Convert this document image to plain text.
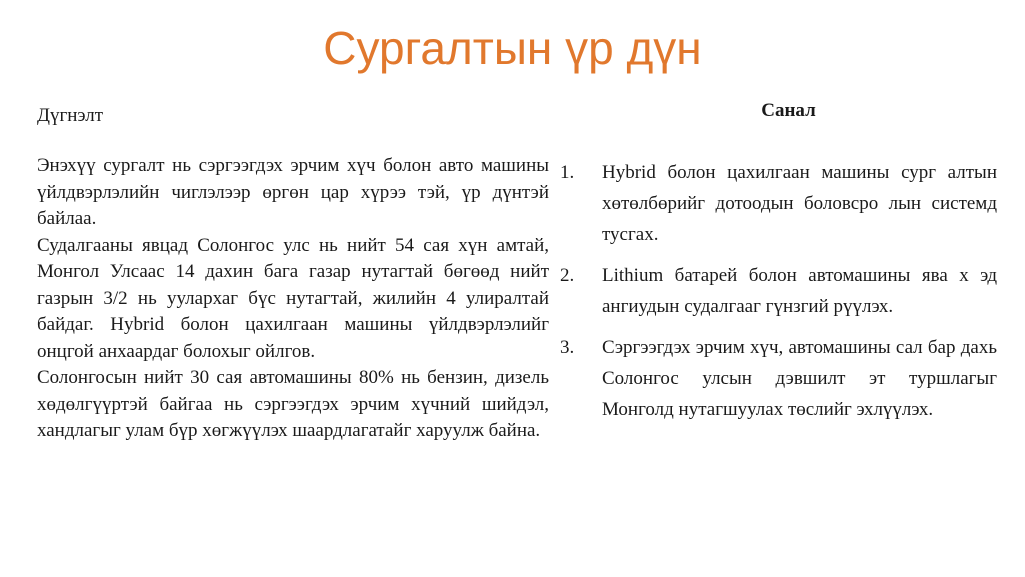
Сургалтын үр дүн
Дүгнэлт

Энэхүү сургалт нь сэргээгдэх эрчим хүч болон авто машины үйлдвэрлэлийн чиглэлээр өргөн цар хүрээ тэй, үр дүнтэй байлаа.

Судалгааны явцад Солонгос улс нь нийт 54 сая хүн амтай, Монгол Улсаас 14 дахин бага газар нутагтай бөгөөд нийт газрын 3/2 нь уулархаг бүс нутагтай, жилийн 4 улиралтай байдаг. Hybrid болон цахилгаан машины үйлдвэрлэлийг онцгой анхаардаг болохыг ойлгов.

Солонгосын нийт 30 сая автомашины 80% нь бензин, дизель хөдөлгүүртэй байгаа нь сэргээгдэх эрчим хүчний шийдэл, хандлагыг улам бүр хөгжүүлэх шаардлагатайг харуулж байна.

Санал
1.	Hybrid болон цахилгаан машины сург алтын хөтөлбөрийг дотоодын боловсро лын системд тусгах.
2.	Lithium батарей болон автомашины ява х эд ангиудын судалгааг гүнзгий рүүлэх.
3.	Сэргээгдэх эрчим хүч, автомашины сал бар дахь Солонгос улсын дэвшилт эт туршлагыг Монголд нутагшуулах төслийг эхлүүлэх.
